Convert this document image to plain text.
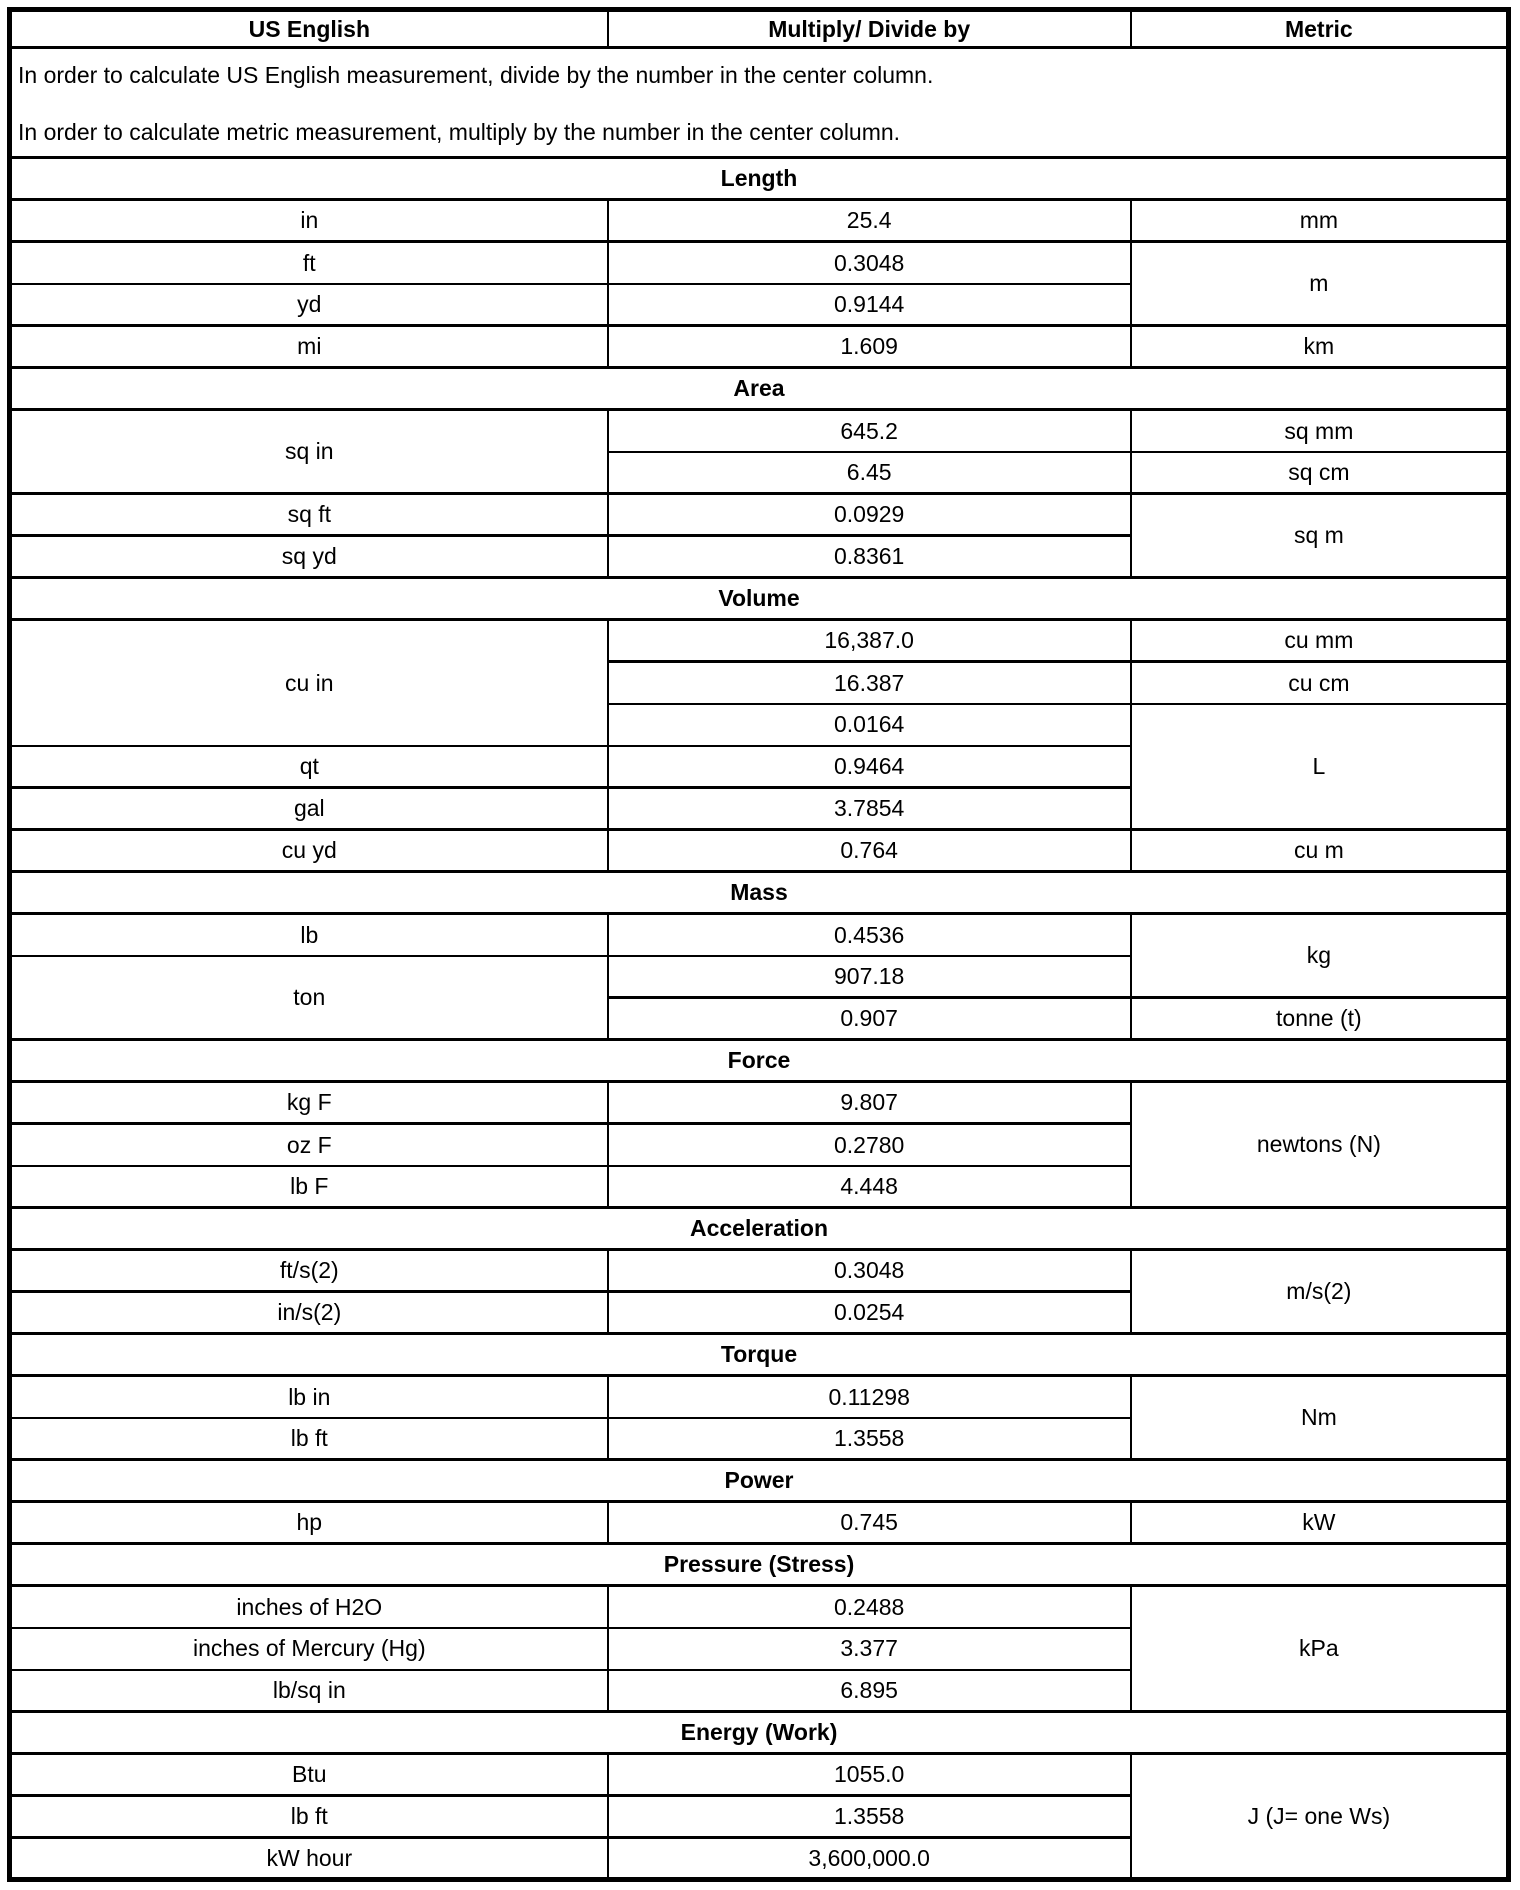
US English	Multiply/ Divide by	Metric

In order to calculate US English measurement, divide by the number in the center column.
In order to calculate metric measurement, multiply by the number in the center column.		

Length		
in	25.4	mm
ft	0.3048	m
yd	0.9144	
mi	1.609	km
Area		
sq in	645.2	sq mm
	6.45	sq cm
sq ft	0.0929	sq m
sq yd	0.8361	
Volume		
cu in	16,387.0	cu mm
	16.387	cu cm
	0.0164	L
qt	0.9464	
gal	3.7854	
cu yd	0.764	cu m
Mass		
lb	0.4536	kg
ton	907.18	
	0.907	tonne (t)
Force		
kg F	9.807	newtons (N)
oz F	0.2780	
lb F	4.448	
Acceleration		
ft/s(2)	0.3048	m/s(2)
in/s(2)	0.0254	
Torque		
lb in	0.11298	Nm
lb ft	1.3558	
Power		
hp	0.745	kW
Pressure (Stress)		
inches of H2O	0.2488	kPa
inches of Mercury (Hg)	3.377	
lb/sq in	6.895	
Energy (Work)		
Btu	1055.0	J (J= one Ws)
lb ft	1.3558	
kW hour	3,600,000.0	
